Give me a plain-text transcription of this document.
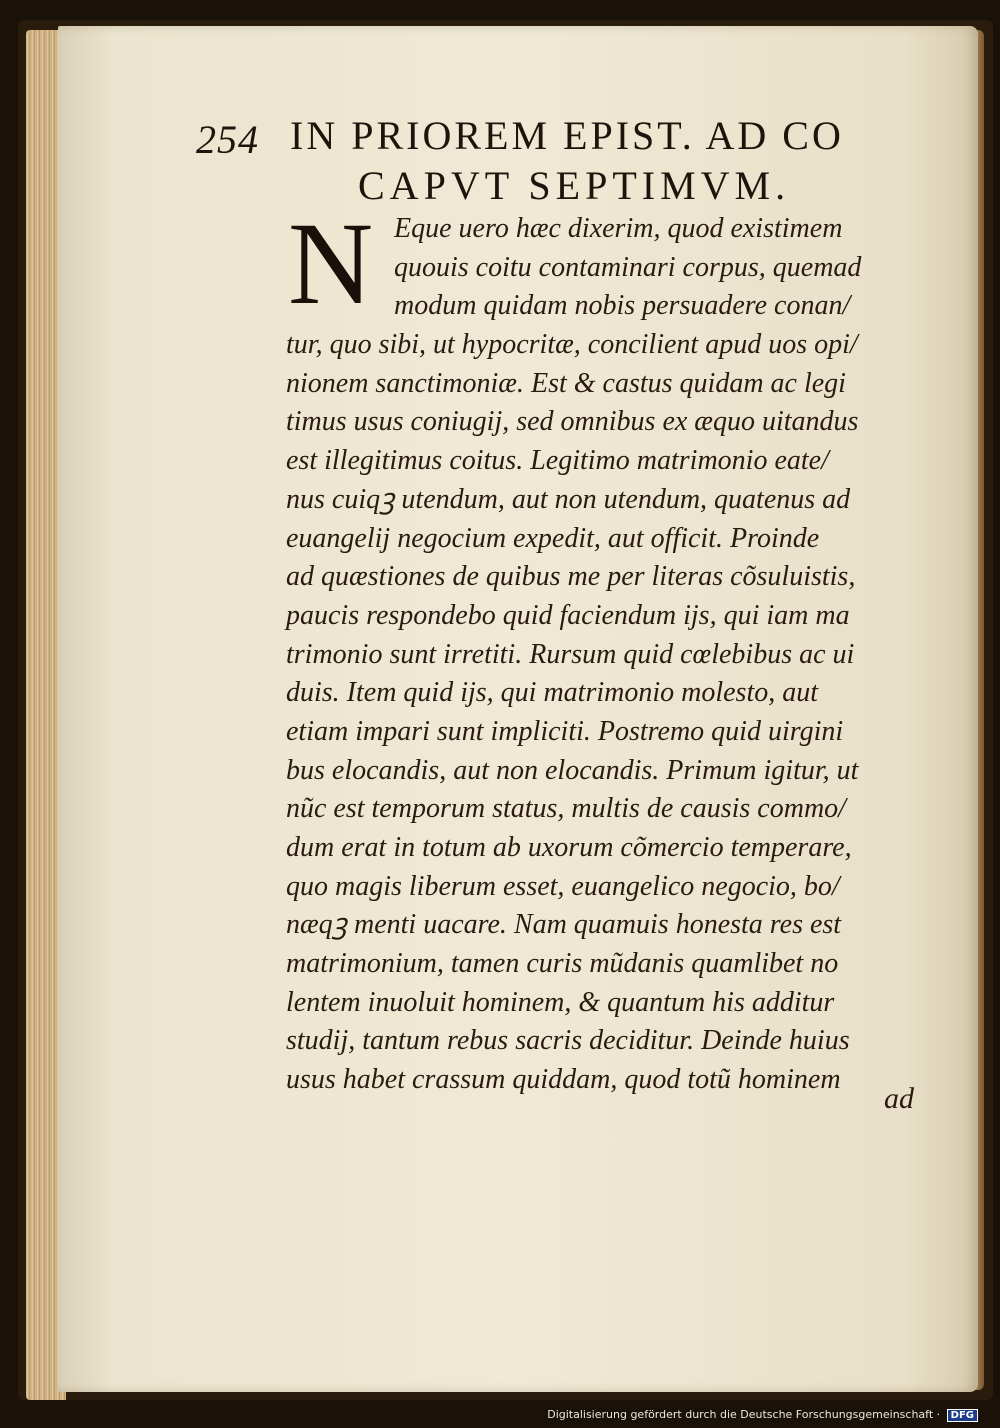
254 IN PRIOREM EPIST. AD CO
CAPVT SEPTIMVM.
N Eque uero hæc dixerim, quod existimem
quouis coitu contaminari corpus, quemad
modum quidam nobis persuadere conan/
tur, quo sibi, ut hypocritæ, concilient apud uos opi/
nionem sanctimoniæ. Est & castus quidam ac legi
timus usus coniugij, sed omnibus ex æquo uitandus
est illegitimus coitus. Legitimo matrimonio eate/
nus cuiqꝫ utendum, aut non utendum, quatenus ad
euangelij negocium expedit, aut officit. Proinde
ad quæstiones de quibus me per literas cõsuluistis,
paucis respondebo quid faciendum ijs, qui iam ma
trimonio sunt irretiti. Rursum quid cœlebibus ac ui
duis. Item quid ijs, qui matrimonio molesto, aut
etiam impari sunt impliciti. Postremo quid uirgini
bus elocandis, aut non elocandis. Primum igitur, ut
nũc est temporum status, multis de causis commo/
dum erat in totum ab uxorum cõmercio temperare,
quo magis liberum esset, euangelico negocio, bo/
næqꝫ menti uacare. Nam quamuis honesta res est
matrimonium, tamen curis mũdanis quamlibet no
lentem inuoluit hominem, & quantum his additur
studij, tantum rebus sacris deciditur. Deinde huius
usus habet crassum quiddam, quod totũ hominem
ad
Digitalisierung gefördert durch die Deutsche Forschungsgemeinschaft · DFG
